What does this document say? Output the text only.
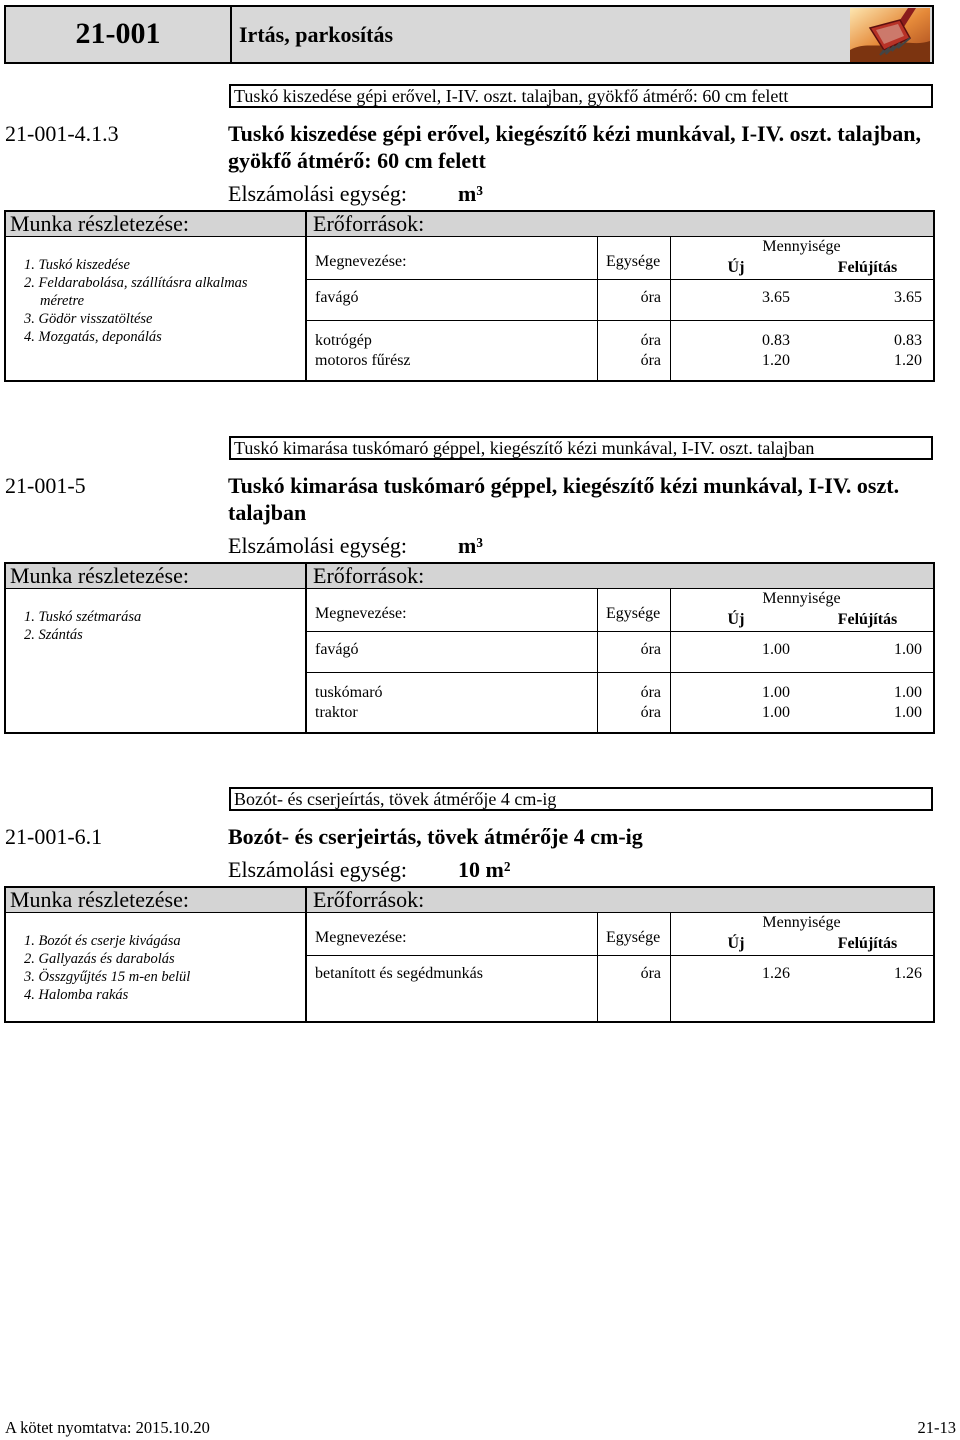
21-001	Irtás, parkosítás
Tuskó kiszedése gépi erővel, I-IV. oszt. talajban, gyökfő átmérő: 60 cm felett
21-001-4.1.3	Tuskó kiszedése gépi erővel, kiegészítő kézi munkával, I-IV. oszt. talajban, gyökfő átmérő: 60 cm felett
Elszámolási egység: m³
Munka részletezése:	Erőforrások:
1. Tuskó kiszedése
2. Feldarabolása, szállításra alkalmas méretre
3. Gödör visszatöltése
4. Mozgatás, deponálás
Megnevezése:	Egysége
Mennyisége
Új	Felújítás
favágó	óra	3.65	3.65
kotrógép	óra	0.83	0.83
motoros fűrész	óra	1.20	1.20
Tuskó kimarása tuskómaró géppel, kiegészítő kézi munkával, I-IV. oszt. talajban
21-001-5	Tuskó kimarása tuskómaró géppel, kiegészítő kézi munkával, I-IV. oszt. talajban
Elszámolási egység: m³
Munka részletezése:	Erőforrások:
1. Tuskó szétmarása
2. Szántás
Megnevezése:	Egysége
Mennyisége
Új	Felújítás
favágó	óra	1.00	1.00
tuskómaró	óra	1.00	1.00
traktor	óra	1.00	1.00
Bozót- és cserjeírtás, tövek átmérője 4 cm-ig
21-001-6.1	Bozót- és cserjeirtás, tövek átmérője 4 cm-ig
Elszámolási egység: 10 m²
Munka részletezése:	Erőforrások:
1. Bozót és cserje kivágása
2. Gallyazás és darabolás
3. Összgyűjtés 15 m-en belül
4. Halomba rakás
Megnevezése:	Egysége
Mennyisége
Új	Felújítás
betanított és segédmunkás	óra	1.26	1.26
A kötet nyomtatva: 2015.10.20	21-13
